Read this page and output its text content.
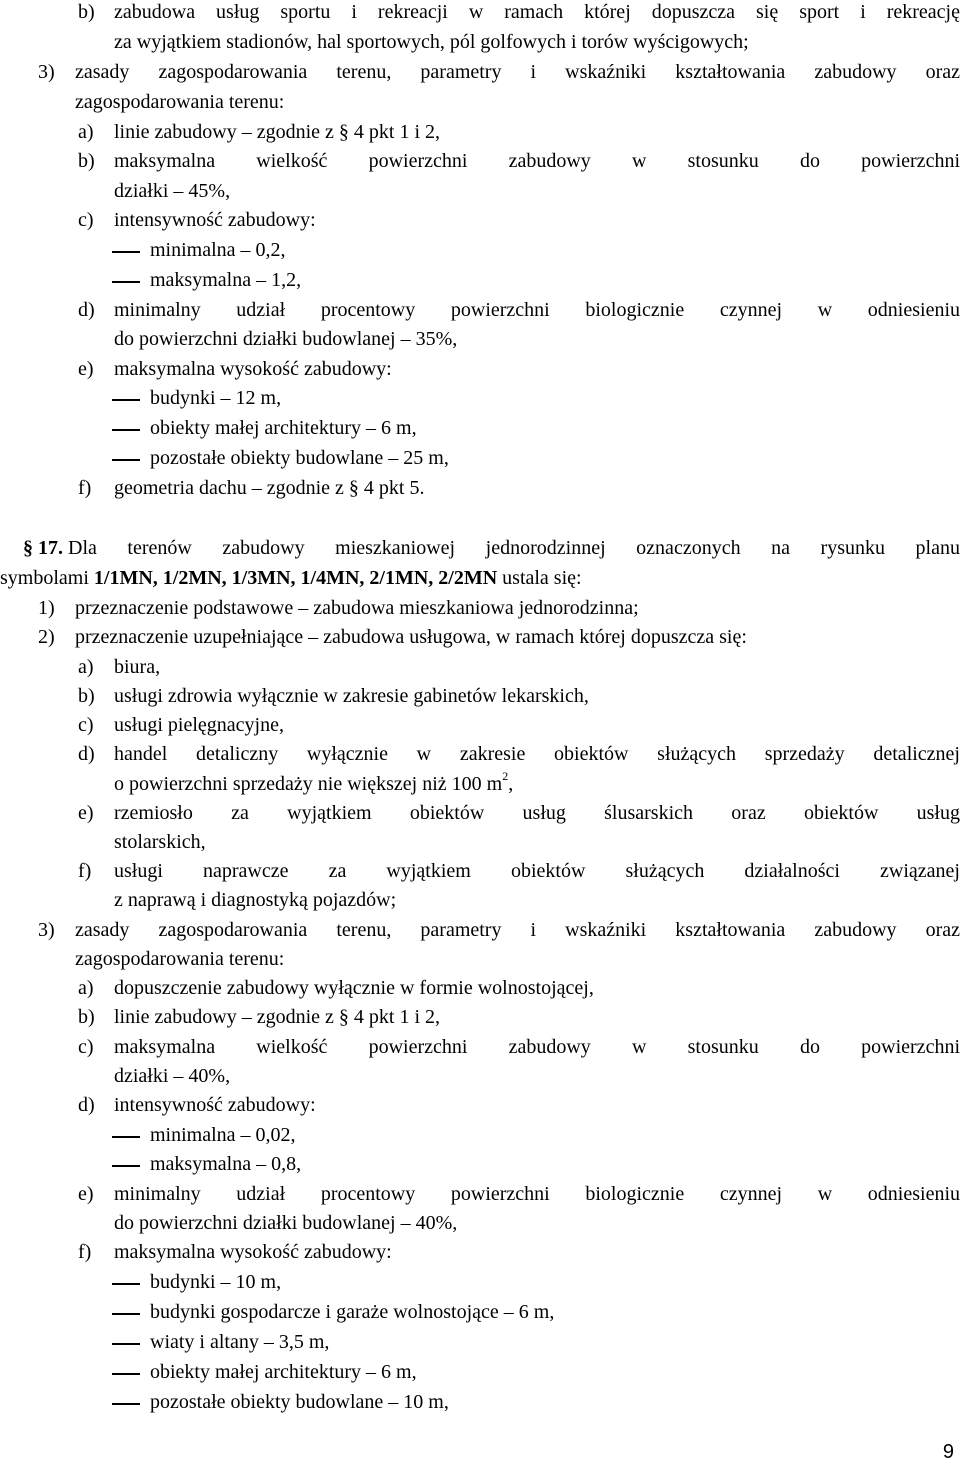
b) zabudowa usług sportu i rekreacji w ramach której dopuszcza się sport i rekreację
za wyjątkiem stadionów, hal sportowych, pól golfowych i torów wyścigowych;
3) zasady zagospodarowania terenu, parametry i wskaźniki kształtowania zabudowy oraz
zagospodarowania terenu:
a) linie zabudowy – zgodnie z § 4 pkt 1 i 2,
b) maksymalna wielkość powierzchni zabudowy w stosunku do powierzchni
działki – 45%,
c) intensywność zabudowy:
minimalna – 0,2,
maksymalna – 1,2,
d) minimalny udział procentowy powierzchni biologicznie czynnej w odniesieniu
do powierzchni działki budowlanej – 35%,
e) maksymalna wysokość zabudowy:
budynki – 12 m,
obiekty małej architektury – 6 m,
pozostałe obiekty budowlane – 25 m,
f) geometria dachu – zgodnie z § 4 pkt 5.
§ 17. Dla terenów zabudowy mieszkaniowej jednorodzinnej oznaczonych na rysunku planu
symbolami 1/1MN, 1/2MN, 1/3MN, 1/4MN, 2/1MN, 2/2MN ustala się:
1) przeznaczenie podstawowe – zabudowa mieszkaniowa jednorodzinna;
2) przeznaczenie uzupełniające – zabudowa usługowa, w ramach której dopuszcza się:
a) biura,
b) usługi zdrowia wyłącznie w zakresie gabinetów lekarskich,
c) usługi pielęgnacyjne,
d) handel detaliczny wyłącznie w zakresie obiektów służących sprzedaży detalicznej
o powierzchni sprzedaży nie większej niż 100 $m^2$,
e) rzemiosło za wyjątkiem obiektów usług ślusarskich oraz obiektów usług
stolarskich,
f) usługi naprawcze za wyjątkiem obiektów służących działalności związanej
z naprawą i diagnostyką pojazdów;
3) zasady zagospodarowania terenu, parametry i wskaźniki kształtowania zabudowy oraz
zagospodarowania terenu:
a) dopuszczenie zabudowy wyłącznie w formie wolnostojącej,
b) linie zabudowy – zgodnie z § 4 pkt 1 i 2,
c) maksymalna wielkość powierzchni zabudowy w stosunku do powierzchni
działki – 40%,
d) intensywność zabudowy:
minimalna – 0,02,
maksymalna – 0,8,
e) minimalny udział procentowy powierzchni biologicznie czynnej w odniesieniu
do powierzchni działki budowlanej – 40%,
f) maksymalna wysokość zabudowy:
budynki – 10 m,
budynki gospodarcze i garaże wolnostojące – 6 m,
wiaty i altany – 3,5 m,
obiekty małej architektury – 6 m,
pozostałe obiekty budowlane – 10 m,
9
